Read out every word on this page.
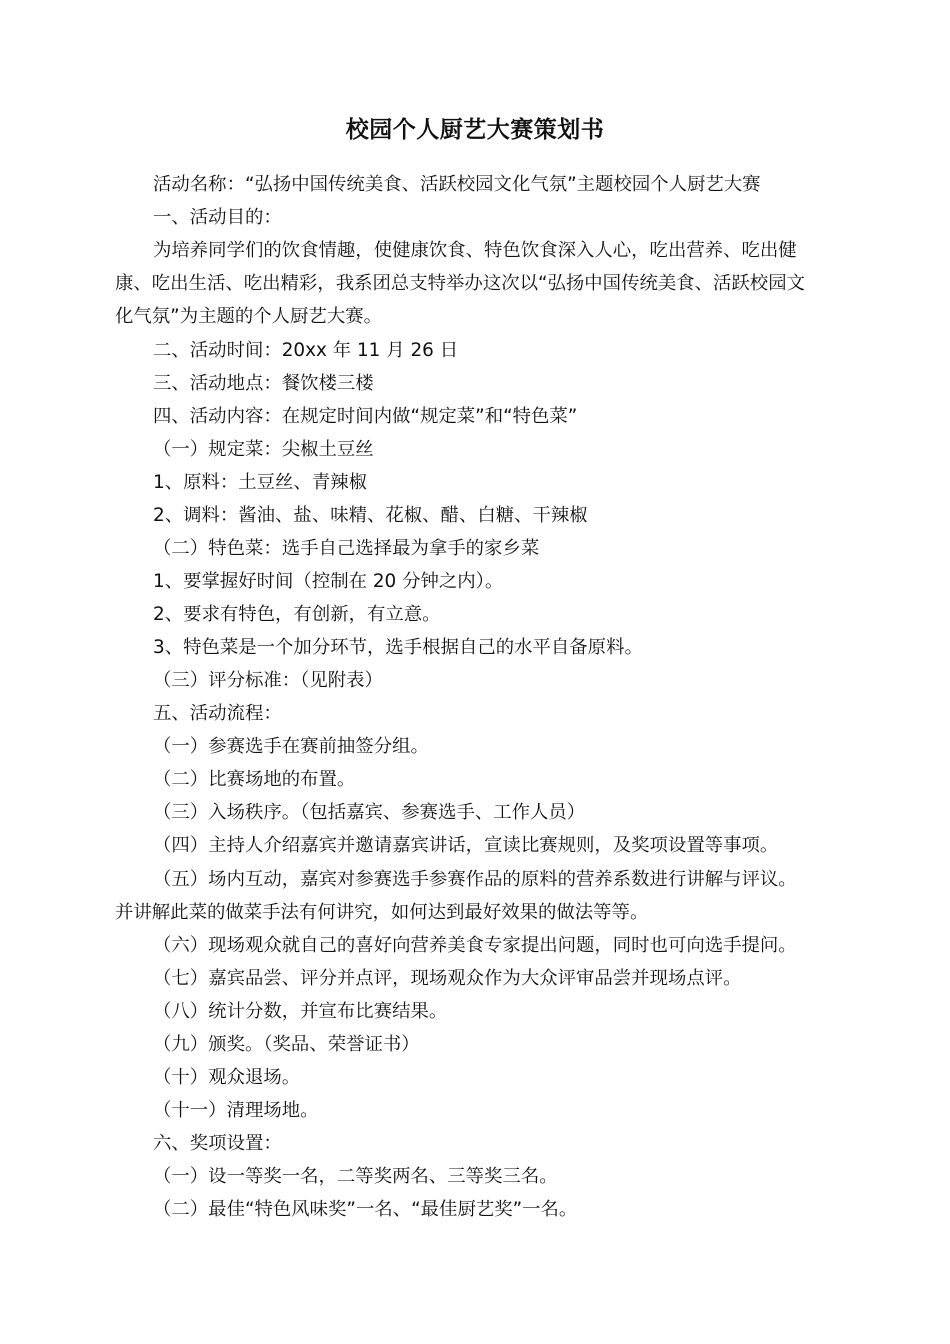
校园个人厨艺大赛策划书
活动名称：“弘扬中国传统美食、活跃校园文化气氛”主题校园个人厨艺大赛
一、活动目的：
为培养同学们的饮食情趣，使健康饮食、特色饮食深入人心，吃出营养、吃出健
康、吃出生活、吃出精彩，我系团总支特举办这次以“弘扬中国传统美食、活跃校园文
化气氛”为主题的个人厨艺大赛。
二、活动时间：20xx 年 11 月 26 日
三、活动地点：餐饮楼三楼
四、活动内容：在规定时间内做“规定菜”和“特色菜”
（一）规定菜：尖椒土豆丝
1、原料：土豆丝、青辣椒
2、调料：酱油、盐、味精、花椒、醋、白糖、干辣椒
（二）特色菜：选手自己选择最为拿手的家乡菜
1、要掌握好时间（控制在 20 分钟之内）。
2、要求有特色，有创新，有立意。
3、特色菜是一个加分环节，选手根据自己的水平自备原料。
（三）评分标准：（见附表）
五、活动流程：
（一）参赛选手在赛前抽签分组。
（二）比赛场地的布置。
（三）入场秩序。（包括嘉宾、参赛选手、工作人员）
（四）主持人介绍嘉宾并邀请嘉宾讲话，宣读比赛规则，及奖项设置等事项。
（五）场内互动，嘉宾对参赛选手参赛作品的原料的营养系数进行讲解与评议。
并讲解此菜的做菜手法有何讲究，如何达到最好效果的做法等等。
（六）现场观众就自己的喜好向营养美食专家提出问题，同时也可向选手提问。
（七）嘉宾品尝、评分并点评，现场观众作为大众评审品尝并现场点评。
（八）统计分数，并宣布比赛结果。
（九）颁奖。（奖品、荣誉证书）
（十）观众退场。
（十一）清理场地。
六、奖项设置：
（一）设一等奖一名，二等奖两名、三等奖三名。
（二）最佳“特色风味奖”一名、“最佳厨艺奖”一名。
